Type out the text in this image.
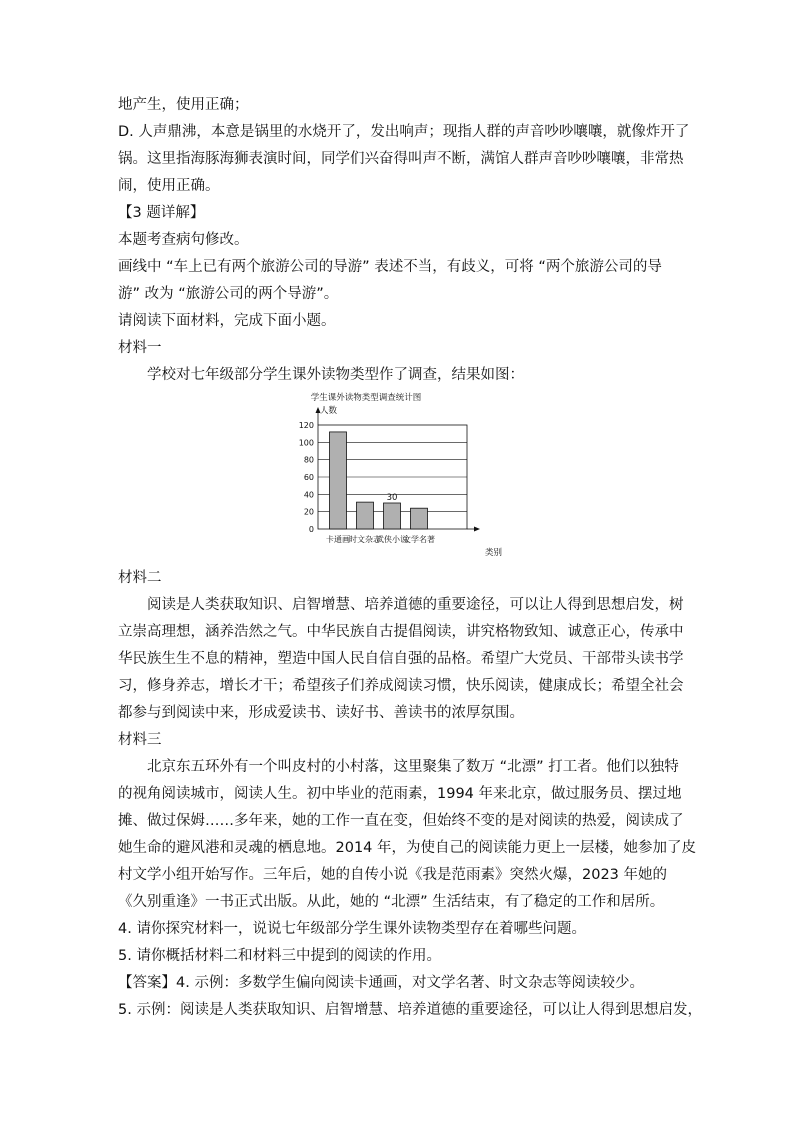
地产生，使用正确；
D. 人声鼎沸，本意是锅里的水烧开了，发出响声；现指人群的声音吵吵嚷嚷，就像炸开了
锅。这里指海豚海狮表演时间，同学们兴奋得叫声不断，满馆人群声音吵吵嚷嚷，非常热
闹，使用正确。
【3 题详解】
本题考查病句修改。
画线中 “车上已有两个旅游公司的导游” 表述不当，有歧义，可将 “两个旅游公司的导
游” 改为 “旅游公司的两个导游”。
请阅读下面材料，完成下面小题。
材料一
学校对七年级部分学生课外读物类型作了调查，结果如图：
学生课外读物类型调查统计图
人数
类别
0
20
40
60
80
100
120
卡通画 时文杂志
武侠小说
30
文学名著
材料二
阅读是人类获取知识、启智增慧、培养道德的重要途径，可以让人得到思想启发，树
立崇高理想，涵养浩然之气。中华民族自古提倡阅读，讲究格物致知、诚意正心，传承中
华民族生生不息的精神，塑造中国人民自信自强的品格。希望广大党员、干部带头读书学
习，修身养志，增长才干；希望孩子们养成阅读习惯，快乐阅读，健康成长；希望全社会
都参与到阅读中来，形成爱读书、读好书、善读书的浓厚氛围。
材料三
北京东五环外有一个叫皮村的小村落，这里聚集了数万 “北漂” 打工者。他们以独特
的视角阅读城市，阅读人生。初中毕业的范雨素，1994 年来北京，做过服务员、摆过地
摊、做过保姆……多年来，她的工作一直在变，但始终不变的是对阅读的热爱，阅读成了
她生命的避风港和灵魂的栖息地。2014 年，为使自己的阅读能力更上一层楼，她参加了皮
村文学小组开始写作。三年后，她的自传小说《我是范雨素》突然火爆，2023 年她的
《久别重逢》一书正式出版。从此，她的 “北漂” 生活结束，有了稳定的工作和居所。
4. 请你探究材料一，说说七年级部分学生课外读物类型存在着哪些问题。
5. 请你概括材料二和材料三中提到的阅读的作用。
【答案】4. 示例：多数学生偏向阅读卡通画，对文学名著、时文杂志等阅读较少。
5. 示例：阅读是人类获取知识、启智增慧、培养道德的重要途径，可以让人得到思想启发，
